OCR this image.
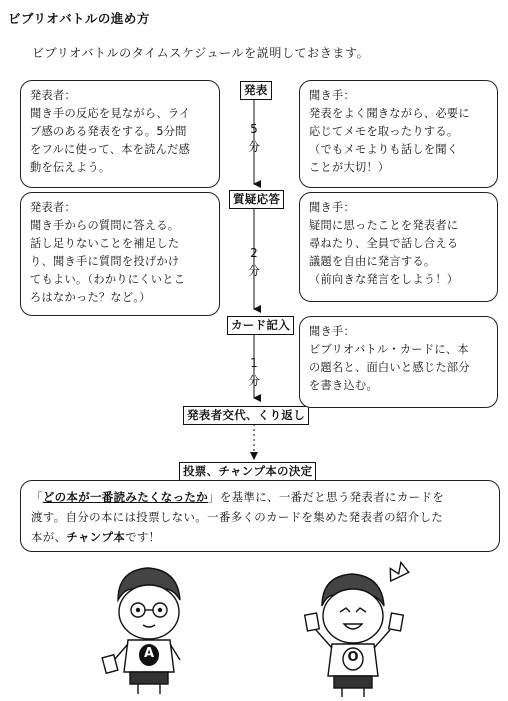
ビブリオバトルの進め方
ビブリオバトルのタイムスケジュールを説明しておきます。
発表
5
分
質疑応答
2
分
カード記入
1
分
発表者交代、くり返し
投票、チャンプ本の決定
発表者：
聞き手の反応を見ながら、ライ
ブ感のある発表をする。5分間
をフルに使って、本を読んだ感
動を伝えよう。
発表者：
聞き手からの質問に答える。
話し足りないことを補足した
り、聞き手に質問を投げかけ
てもよい。（わかりにくいとこ
ろはなかった？など。）
聞き手：
発表をよく聞きながら、必要に
応じてメモを取ったりする。
（でもメモよりも話しを聞く
ことが大切！）
聞き手：
疑問に思ったことを発表者に
尋ねたり、全員で話し合える
議題を自由に発言する。
（前向きな発言をしよう！）
聞き手：
ビブリオバトル・カードに、本
の題名と、面白いと感じた部分
を書き込む。
「どの本が一番読みたくなったか」を基準に、一番だと思う発表者にカードを
渡す。自分の本には投票しない。一番多くのカードを集めた発表者の紹介した
本が、チャンプ本です！
A	O
